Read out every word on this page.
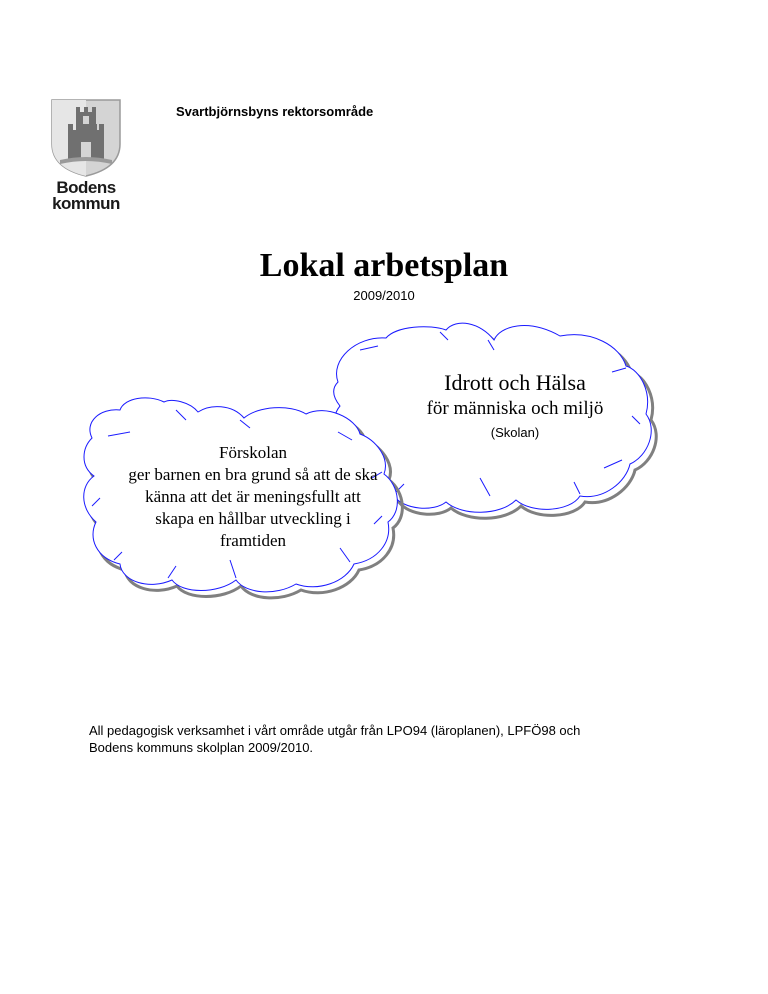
Bodens
kommun
Svartbjörnsbyns rektorsområde
Lokal arbetsplan
2009/2010
Idrott och Hälsa
för människa och miljö
(Skolan)
Förskolan
ger barnen en bra grund så att de ska
känna att det är meningsfullt att
skapa en hållbar utveckling i
framtiden
All pedagogisk verksamhet i vårt område utgår från LPO94 (läroplanen), LPFÖ98 och
Bodens kommuns skolplan 2009/2010.
